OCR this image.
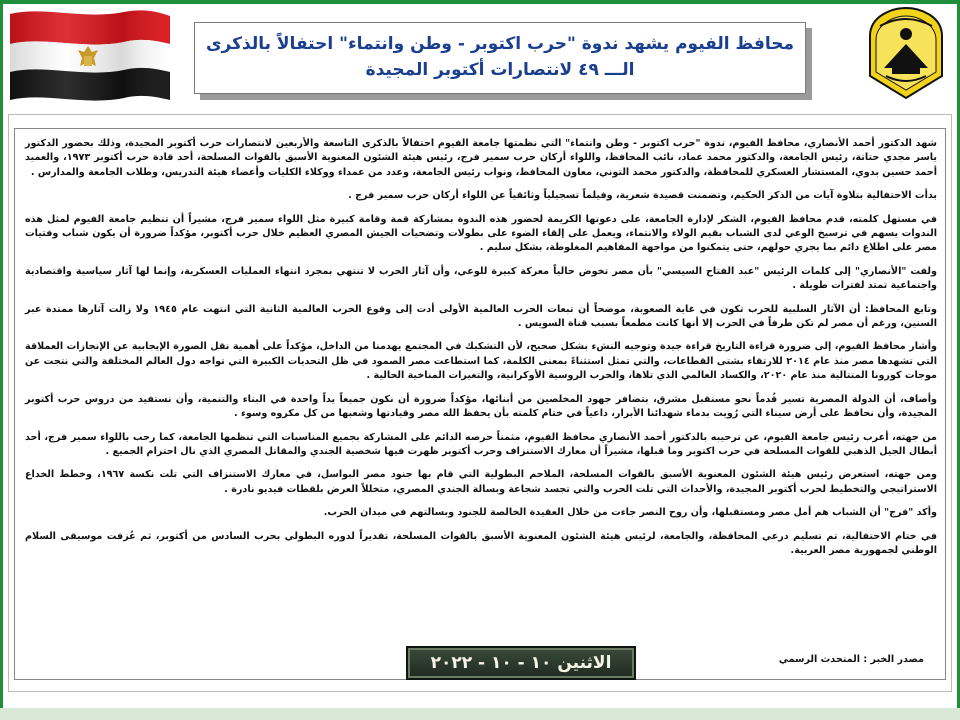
محافظ الفيوم يشهد ندوة "حرب اكتوبر - وطن وانتماء" احتفالاً بالذكرى
الـــ ٤٩ لانتصارات أكتوبر المجيدة

شهد الدكتور أحمد الأنصاري، محافظ الفيوم، ندوة "حرب اكتوبر - وطن وانتماء" التي نظمتها جامعة الفيوم احتفالاً بالذكرى التاسعة والأربعين لانتصارات حرب أكتوبر المجيدة، وذلك بحضور الدكتور ياسر مجدي حتاتة، رئيس الجامعة، والدكتور محمد عماد، نائب المحافظ، واللواء أركان حرب سمير فرج، رئيس هيئة الشئون المعنوية الأسبق بالقوات المسلحة، أحد قادة حرب أكتوبر ١٩٧٣، والعميد أحمد حسين بدوي، المستشار العسكري للمحافظة، والدكتور محمد التوني، معاون المحافظ، ونواب رئيس الجامعة، وعدد من عمداء ووكلاء الكليات وأعضاء هيئة التدريس، وطلاب الجامعة والمدارس .

بدأت الاحتفالية بتلاوة آيات من الذكر الحكيم، وتضمنت قصيدة شعرية، وفيلماً تسجيلياً وثائقياً عن اللواء أركان حرب سمير فرج .

في مستهل كلمته، قدم محافظ الفيوم، الشكر لإدارة الجامعة، على دعوتها الكريمة لحضور هذه الندوة بمشاركة قمة وقامة كبيرة مثل اللواء سمير فرج، مشيراً أن تنظيم جامعة الفيوم لمثل هذه الندوات يسهم في ترسيخ الوعي لدى الشباب بقيم الولاء والانتماء، ويعمل على إلقاء الضوء على بطولات وتضحيات الجيش المصري العظيم خلال حرب أكتوبر، مؤكداً ضرورة أن يكون شباب وفتيات مصر على اطلاع دائم بما يجري حولهم، حتى يتمكنوا من مواجهة المفاهيم المغلوطة، بشكل سليم .

ولفت "الأنصاري" إلى كلمات الرئيس "عبد الفتاح السيسي" بأن مصر تخوض حالياً معركة كبيرة للوعي، وأن آثار الحرب لا تنتهي بمجرد انتهاء العمليات العسكرية، وإنما لها آثار سياسية واقتصادية واجتماعية تمتد لفترات طويلة .

وتابع المحافظ: أن الآثار السلبية للحرب تكون في غاية الصعوبة، موضحاً أن تبعات الحرب العالمية الأولى أدت إلى وقوع الحرب العالمية الثانية التي انتهت عام ١٩٤٥ ولا زالت آثارها ممتدة عبر السنين، ورغم أن مصر لم تكن طرفاً في الحرب إلا أنها كانت مطمعاً بسبب قناة السويس .

وأشار محافظ الفيوم، إلى ضرورة قراءة التاريخ قراءة جيدة وتوجيه النشء بشكل صحيح، لأن التشكيك في المجتمع يهدمنا من الداخل، مؤكداً على أهمية نقل الصورة الإيجابية عن الإنجازات العملاقة التي تشهدها مصر منذ عام ٢٠١٤ للارتقاء بشتى القطاعات، والتي تمثل استثناءً بمعنى الكلمة، كما استطاعت مصر الصمود في ظل التحديات الكبيرة التي تواجه دول العالم المختلفة والتي نتجت عن موجات كورونا المتتالية منذ عام ٢٠٢٠، والكساد العالمي الذي تلاها، والحرب الروسية الأوكرانية، والتغيرات المناخية الحالية .

وأضاف، أن الدولة المصرية تسير قُدماً نحو مستقبل مشرق، بتضافر جهود المخلصين من أبنائها، مؤكداً ضرورة أن نكون جميعاً يداً واحدة في البناء والتنمية، وأن نستفيد من دروس حرب أكتوبر المجيدة، وأن نحافظ على أرض سيناء التي رُويت بدماء شهدائنا الأبرار، داعياً في ختام كلمته بأن يحفظ الله مصر وقيادتها وشعبها من كل مكروه وسوء .

من جهته، أعرب رئيس جامعة الفيوم، عن ترحيبه بالدكتور أحمد الأنصاري محافظ الفيوم، مثمناً حرصه الدائم على المشاركة بجميع المناسبات التي تنظمها الجامعة، كما رحب باللواء سمير فرج، أحد أبطال الجيل الذهبي للقوات المسلحة في حرب اكتوبر وما قبلها، مشيراً أن معارك الاستنزاف وحرب أكتوبر ظهرت فيها شخصية الجندي والمقاتل المصري الذي نال احترام الجميع .

ومن جهته، استعرض رئيس هيئة الشئون المعنوية الأسبق بالقوات المسلحة، الملاحم البطولية التي قام بها جنود مصر البواسل، في معارك الاستنزاف التي تلت نكسة ١٩٦٧، وخطط الخداع الاستراتيجي والتخطيط لحرب أكتوبر المجيدة، والأحداث التي تلت الحرب والتي تجسد شجاعة وبسالة الجندي المصري، متخللاً العرض بلقطات فيديو نادرة .

وأكد "فرج" أن الشباب هم أمل مصر ومستقبلها، وأن روح النصر جاءت من خلال العقيدة الخالصة للجنود وبسالتهم في ميدان الحرب.

في ختام الاحتفالية، تم تسليم درعي المحافظة، والجامعة، لرئيس هيئة الشئون المعنوية الأسبق بالقوات المسلحة، تقديراً لدوره البطولي بحرب السادس من أكتوبر، ثم عُزفت موسيقى السلام الوطني لجمهورية مصر العربية.

مصدر الخبر : المتحدث الرسمي
الاثنين ١٠ - ١٠ - ٢٠٢٢
